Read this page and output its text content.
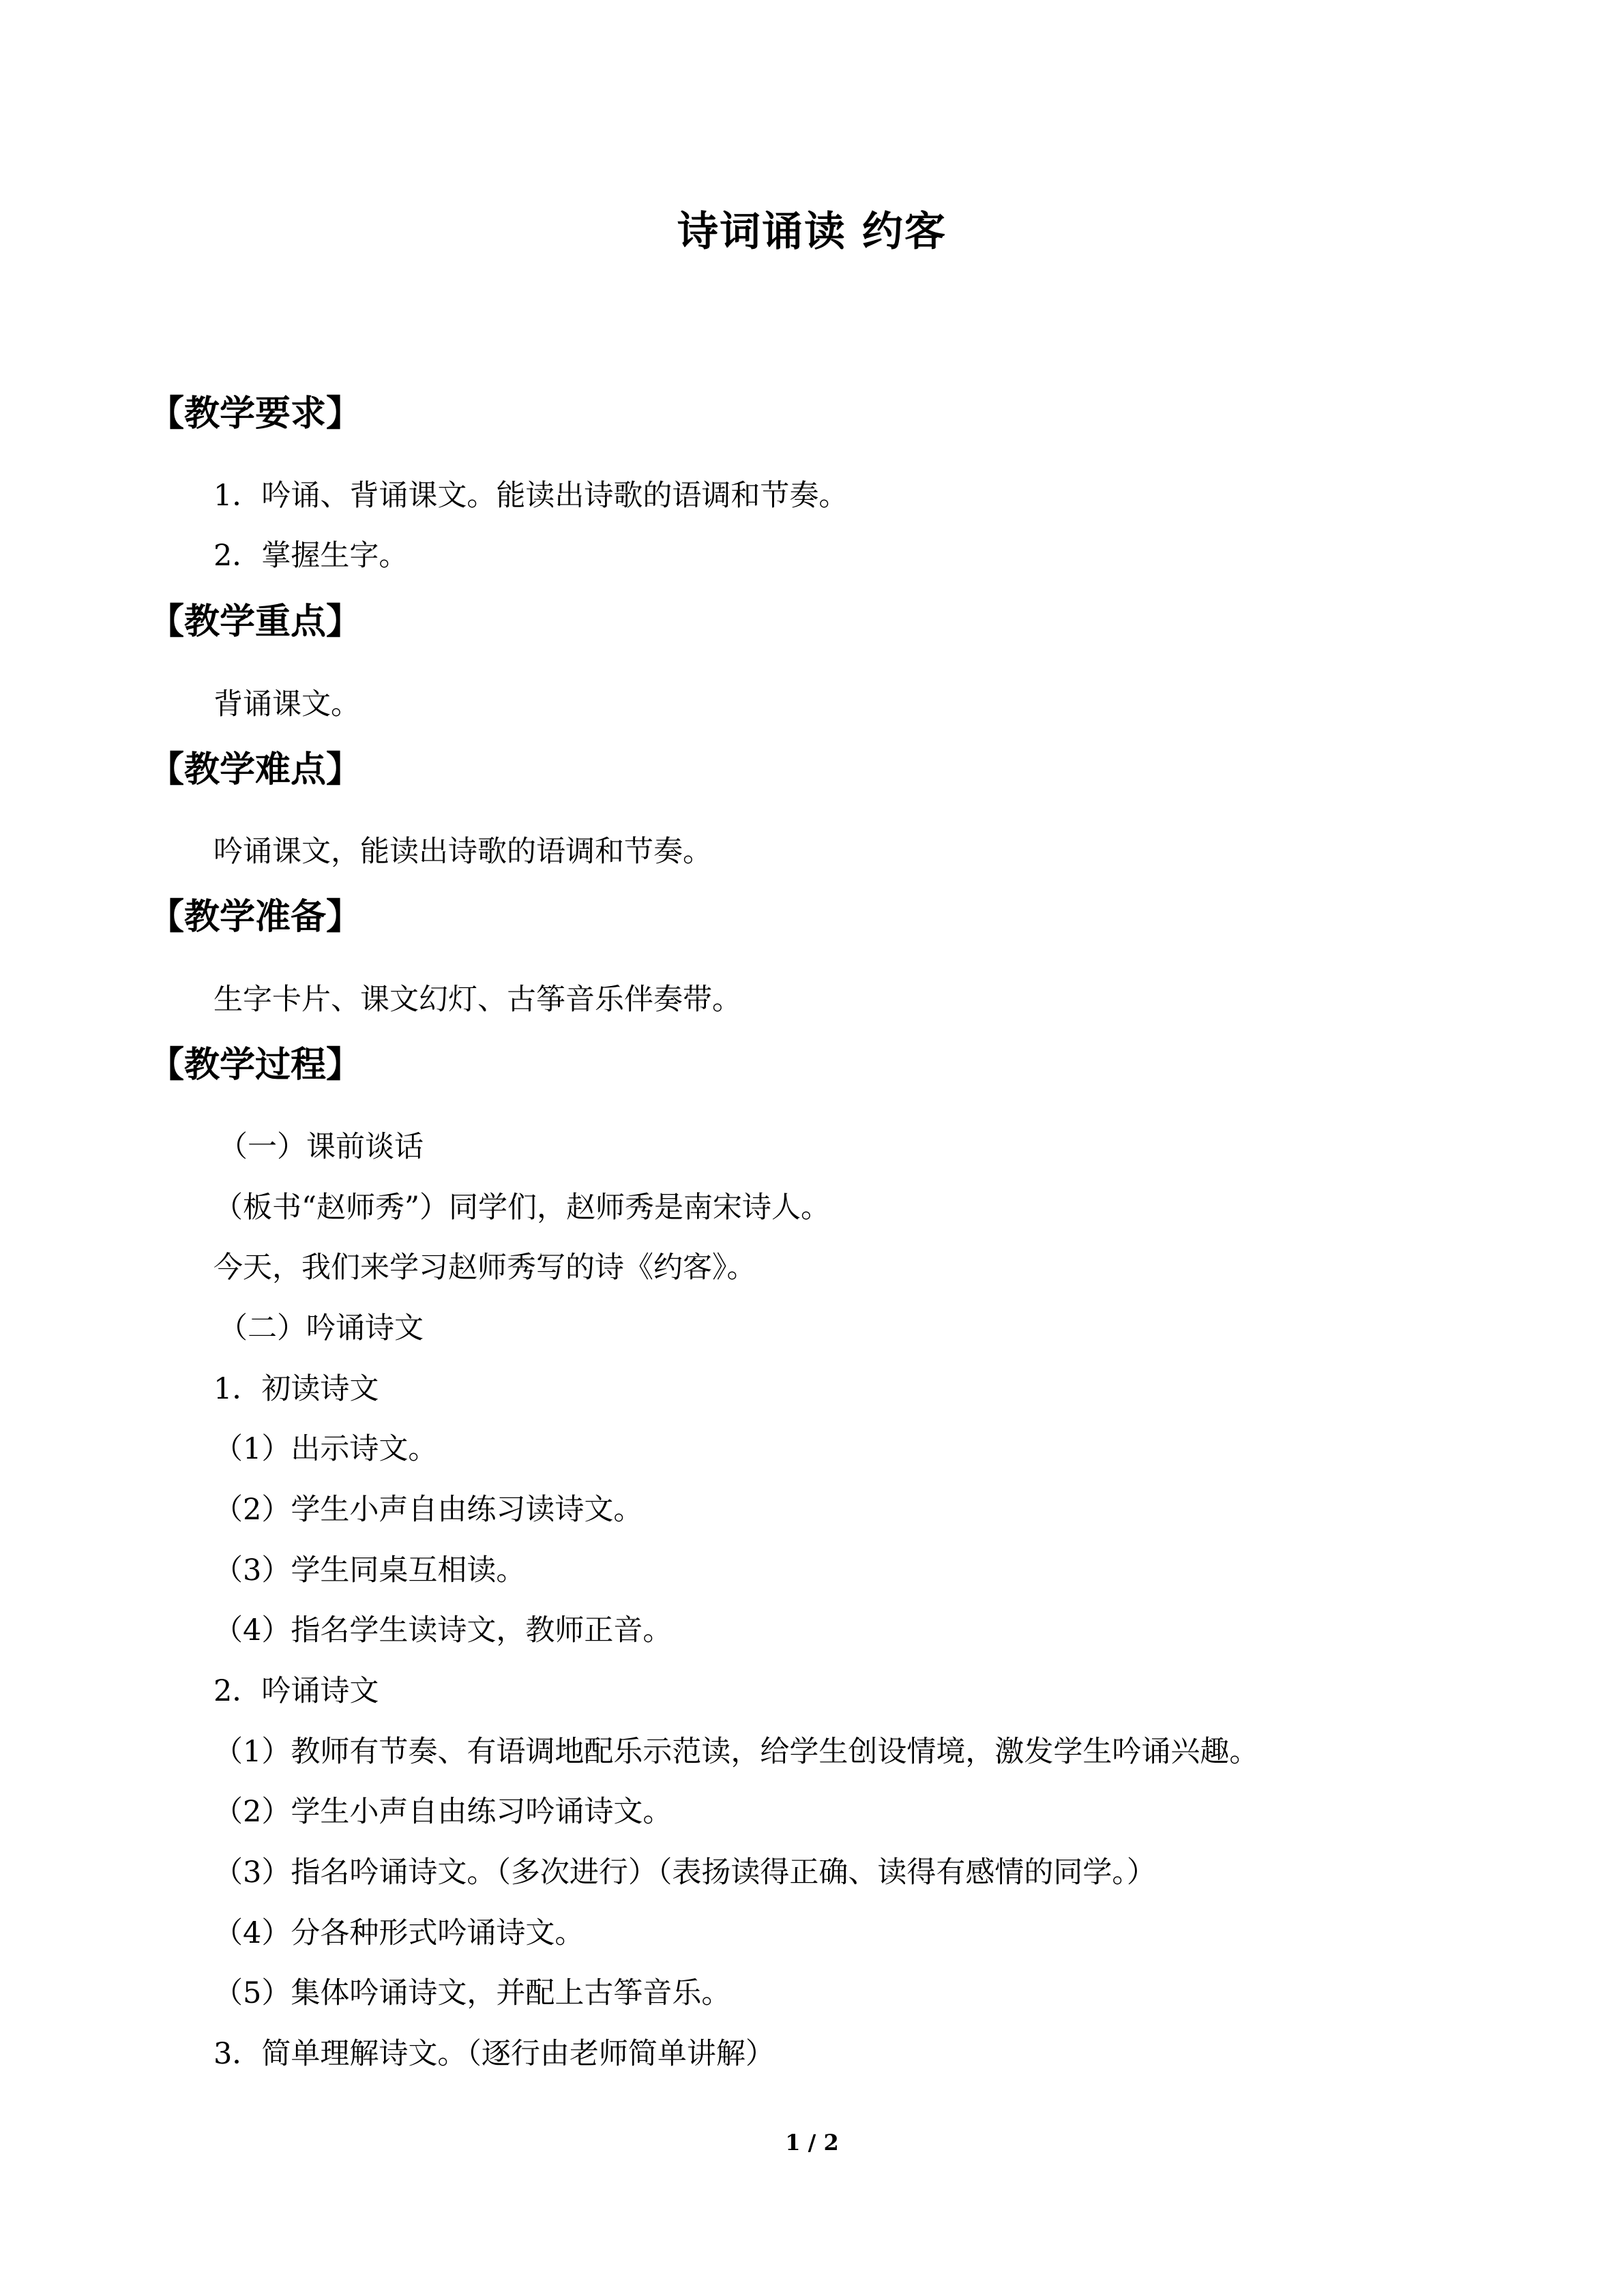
诗词诵读 约客
【教学要求】
1．吟诵、背诵课文。能读出诗歌的语调和节奏。
2．掌握生字。
【教学重点】
背诵课文。
【教学难点】
吟诵课文，能读出诗歌的语调和节奏。
【教学准备】
生字卡片、课文幻灯、古筝音乐伴奏带。
【教学过程】
（一）课前谈话
（板书“赵师秀”）同学们，赵师秀是南宋诗人。
今天，我们来学习赵师秀写的诗《约客》。
（二）吟诵诗文
1．初读诗文
（1）出示诗文。
（2）学生小声自由练习读诗文。
（3）学生同桌互相读。
（4）指名学生读诗文，教师正音。
2．吟诵诗文
（1）教师有节奏、有语调地配乐示范读，给学生创设情境，激发学生吟诵兴趣。
（2）学生小声自由练习吟诵诗文。
（3）指名吟诵诗文。（多次进行）（表扬读得正确、读得有感情的同学。）
（4）分各种形式吟诵诗文。
（5）集体吟诵诗文，并配上古筝音乐。
3．简单理解诗文。（逐行由老师简单讲解）
1 / 2
